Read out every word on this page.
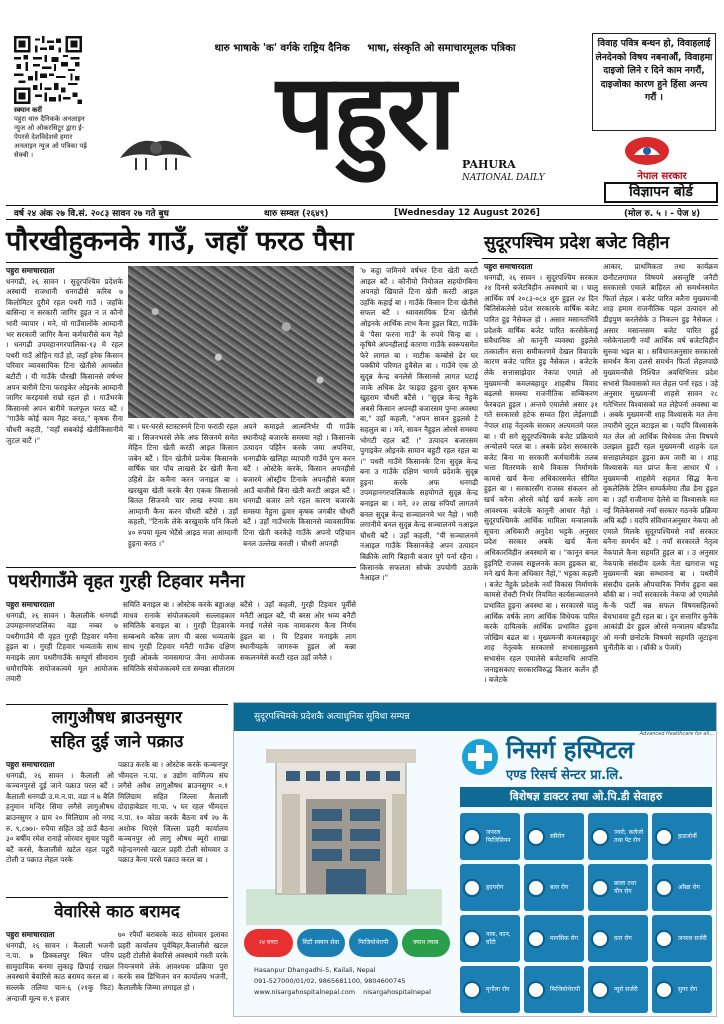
स्क्यान करीं
पहुरा थारु दैनिकके अनलाइन न्युज ओ ओकरसिटुर द्वारा ई-पेपरसे देशविदेशसे हमार अनलाइन न्युज ओ पत्रिका पह्रे सेक्बी ।
थारु भाषाके 'क' वर्गके राष्ट्रिय दैनिक     भाषा, संस्कृति ओ समाचारमूलक पत्रिका
पहुरा PAHURA
NATIONAL DAILY
विवाह पवित्र बन्धन हो, विवाहलाई लेनदेनको विषय नबनाऔं, विवाहमा दाइजो लिने र दिने काम नगरौं, दाइजोका कारण हुने हिंसा अन्त्य गरौं ।
नेपाल सरकार
विज्ञापन बोर्ड
वर्ष २४ अंक २७ वि.सं. २०८३ सावन २७ गते बुध	थारु सम्वत (२६४९)	[Wednesday 12 August 2026]	(मोल रु. ५ । - पेज ४)
पौरखीहुकनके गाउँ, जहाँ फरठ पैसा
पहुरा समाचारदाता
धनगढी, २६ सावन । सुदूरपश्चिम प्रदेशके अस्थायी राजधानी धनगढीसे करिब ७ किलोमिटर दुरीमे रहल पथरी गाउँ । जहाँके बासिन्दा न सरकारी जागिर हुइत न त कौनो भारी व्यापार । मने, यो गाउँवालोंके आम्दानी भर सरकारी जागिर कैना कर्मचारीसे कम नैहो । धनगढी उपमहानगरपालिका-१३ मे रहल पथरी गाउँ ओहिन गाउँ हो, जहाँ हरेक किसान परिवार व्यावसायिक टिना खेतीसे आयस्रोत बटौटी । यी गाउँके पौरखी किसानसे वर्षभर अपन बारीमे टिना फराइकेर ओइनके आम्दानी जागिर करइयासे राम्रो रहल हो । गाउँभरके किसानसे अपन बारीमे फलफूल फरठ बटैं । "गाउँके कोई काम नैहट करठ," कृषक रीना चौधरी कहठी, "यहाँ सबकोई खेतीकिसानीमे जुटल बाटैं ।"
बा । घर-घरसे स्टास्टस्नमे टिना फराठी रहल बा । सिजनभरसे लेके अफ सिजनमे समेत मेहिन टिना खेती करठी आइल किसान जबेन बटैं । दिन खेतीमे प्रत्येक किसानके वार्षिक चार पाँच लाखसे ढेर खेती कैना उहिसे ढेर कमैना करन जनाइल बा । खरखुवा खेती करके बैरा एकक किसानसे बितल सिजनमे चार लाख रुपया सम आम्दानी कैना करन चौधरी बटैंसे । उहाँ कहली, "टिनाके लेके बरखुवाके पनि किलो ४० रुपया मूल्य भेटैंसे आइठ मजा आम्दानी हुइना करठ ।"
अपने कमाइले आत्मनिर्भर यी गाउँके स्थानीयहे बजारके समस्या नहो । किसानके उत्पादन पहिरैन करके जमा अपनिया, धनगढीके खलिहा व्यापारी गाउँमे पुग्न करन बटैं । ओस्टेके करके, किसान अपनहीसे बजारमे ओस्ट्रीय टिनाके अपनहीसे बजार आउँ बाजीसे बिना खेती करटी आइल बटैं । धनगढी बजार लगे रहल कारण बजारके समस्या नैहुना ढुवार कृषक जगबीर चौधरी बटैं । उहाँ गाउँभरके किसानसे व्यावसायिक टिना खेती करकेहे गाउँके अपनो पहिचान बनल उल्लेख करली । चौधरी अपनही
'७ कट्ठा जमिनमे वर्षभर टिना खेती करटी आइल बटैं । कौनीयो नियोजल सहयोगबिना अपनहो खियाले टिना खेती करटी आइल उहाँके कहाई बा । गाउँके किसान टिना खेतीसे सफल बटैं । ध्यावसायिक टिना खेतीसे ओइनके आर्थिक लाभ कैना हुइल बिटा, गाउँके बे 'पैसा फरना गाउँ' के रुपमे चिन्ह बा । कृषिमे अपनहीलाई कारणा गाउँके स्वरूपसमेत फेरे लागल बा । माटीक कम्बोसे ढेर घर पक्कीमे परिणत हुवैसेल बा । गाउँमे एक ठो सुदृन्न केन्द्र बनलेसे किसानसे लागत घटाई जाके अधिक ढेर फाइदा हुइना दुसर कृषक खुहराम चौधरी बटैंसे । "सुदृन्न केन्द्र नैहुके अबसे किसान अपनही बजारसम पुग्ना अवस्था बा," उहाँ कहली, "अपन सावन हुइलसे टे सहलुल बा । मने, सावन नैहुइल ओरसे समस्या भोगटी रहल बटैं ।" उत्पादन बजारसम पुगाइकेर ओइनके सामान बहुटी रहल रहल बा ।" पथरी गाउँमे किसानके टिना सुदृन्न केन्द्र बना उ गाउँके दक्षिण भागमे प्रदेशके सुदृन्न हुइना करके अफ धनगढी उपमहानगरपालिकाके सहयोगले सुदृन्न केन्द्र बनाइल बा । मने, २२ लाख रुपियाँ लागतमे बनल सुदृन्न केन्द्र सञ्चालनमे भर नैहो । भारी लगानीमे बनल सुदृन्न केन्द्र सञ्चालनमे नआइल चौधरी बटैं । उहाँ कहली, "यी सञ्चालनमे नआइल गाउँके किसानकेहे अपन उत्पादन बिक्रीके लागि बिहानी बजार पुगे पर्ना रहैना । किसानके सफलता सोच्के उपयोगी उठाके नैआइल ।"
सुदूरपश्चिम प्रदेश बजेट विहीन
पहुरा समाचारदाता
धनगढी, २६ सावन । सुदूरपश्चिम सरकार २४ दिनसे बजेटविहीन अवस्थामे बा । चालु आर्थिक वर्ष २०८३-०८४ शुरु हुइल २४ दिन बितिसेकलेसे प्रदेश सरकारके वार्षिक बजेट पारित हुइ नैसेकल हो । असार मसानतभित्रै प्रदेशके वार्षिक बजेट पारित करसेकेनाई संवैधानिक ओ कानूनी व्यवस्था हुइलेसे तत्कालीन सत्ता समीकरणमे देखल विवादके कारण बजेट पारित हुइ नैसेकल । बजेटके लेके सत्तासाझेदार नेकपा एमाले ओ मुख्यमन्त्री कमलबहादुर शाहबीच विवाद बढ़लसे समस्या राजनीतिक सम्बिकरण फेरबदल हुइल । अन्तमे एमालेसे असार ३१ गते सरकारसे हटेक सम्वत हिरा लेईलगाडी नेपाल शाह नेतृत्वके सरकार अल्पमतमे परल बा । यी सगे सुदूरपश्चिमके बजेट प्रक्रियामे अन्योलमे परल बा । अबके प्रदेश सरकारके बजेट बिना मा सरकारी कर्मचारीके तलब भत्ता वितरणके साथै विकास निर्माणके कामसे खर्च कैना अधिकारसमेत सीमित हुइल बा । सरकारसँग राजस्व संकलन ओ खर्च करैना ओरसे कोई खर्च करके लाग आवश्यक बजेटके कानूनी आधार नैहो । सुदूरपश्चिमके आर्थिक मामिला मन्त्रालयके सूचना अधिकारी अनुदेश भट्टके अनुसार प्रदेश सरकार अबके खर्च कैना अधिकारविहीन अवस्थामे बा । "कानून बनल हुइनिटि राजस्व सङ्कलनके काम हुइकल बा, मने खर्च कैना अधिकार नैहो," भट्टका कहली । बजेट नैहुके प्रदेशके नयाँ विकास निर्माणके कामसे रोक्टी निर्भर नियमित कार्यसञ्चालनमे प्रभावित हुइना अवस्था बा । सरकारसे चालु आर्थिक वर्षके लाग आर्थिक विधेयक पारित करके दायित्वके आर्थिक प्रभावित हुइना जोखिम बढल बा । मुख्यमन्त्री कमलबहादुर शाह नेतृत्वके सरकारसे सभासामूहसमे सभासेम रहल एमालेसे बजेटमाथि आपत्ति जनाइसकाए सरकारविरुद्ध कितार कर्लेन हौं । बजेटके
आकार, प्राथमिकता तथा कार्यक्रम छनौटलगायत विषयमे असन्तुष्टि जनैटी सरकारसे एमाले बाहिरल ओ समर्थनसमेत फिर्ता लेहल । बजेट पारित करैना मुख्यमन्त्री शाह हमाम राजनीतिक पहल उत्पादन ओ डीइपुण करलेसेके उ निकल्न हुइ नैसेकल । असार मसान्तसम बजेट पारित हुई नसेकेनालागी नयाँ आर्थिक वर्ष बजेटविहीन सुरुवा भइल बा । सविधानअनुसार सरकारसे समर्थन कैना दलसे समर्थन फिर्ता लेहलपाछे मुख्यमन्त्रीसे निश्चित अवधिभित्तर प्रदेश सभासे विश्वासको मत लेहल पर्ना रहठ । उहे अनुसार मुख्यमन्त्री शाहसे सावन २८ गतेभित्तर विश्वासको मत लेहेपर्ना अवस्था बा । अबके मुख्यमन्त्री शाह विश्वासके मत लेना तयारीमे लुट्ल बटाइल बा । यदपि विश्वासके मत लेल ओ आर्थिक विधेयक जेना विषयमे उलझल हुइटी रहल मुख्यमन्त्री शाहके दल सत्ताहालेवहार हुइना क्रम जारी बा । शाह विश्वासके मत प्राप्त कैना आधार भैं । मुख्यमन्त्री शाहसेमे सहमत सिद्ध कैना वुकलेलिके टेलिन सम्पर्कमेया तीव्र डेना हुइल बा । उहाँ राजीनामा देलेसे वा विश्वासके मत नई मिलेकेसमसे नयाँ सरकार गठनके प्रक्रिया अघि बढ़ी । यदपि संविधानअनुसार नेकपा ओ एमाले मिलके सुदूरपश्चिमसे नयाँ सरकार बनैना समर्थन बटैं । नयाँ सरकारले नेतृत्व नेकपाले कैना सहमति हुइल बा । उ अनुसार नेकपाके संसदीय दलके नेता खगराज भट्ट मुख्यमन्त्री बन्ना सम्भावना बा । पथरीमें संसदीय दलके औपचारिक निर्णय हुइना बस बाँकी बा । नयाँ सरकारके नेकपा ओ एमालेसे के-के पार्टी बन्न सफल विषयसहितको बेचभावमा हुटी रहल बा । दुन सत्तागिर कुनैके आकांडी ढेर हुइल ओरसे मन्त्रालय बाँडफाँड ओ मन्त्री छनोटके विषयमे सहमति जुटाइना चुनौतीके बा । (बाँकी ४ पेजमे)
पथरीगाउँमे वृहत गुरही टिहवार मनैना
पहुरा समाचारदाता
धनगढी, २६ सावन । कैलालीके धनगढी उपमहानगरपालिका वडा नम्बर ७ पथरीगाउँमे यी वृहत गुरही टिहवार मनैना हुइल बा । गुरही टिहवार भव्यताके साथ मनाइके लाग पथरीगाउँके सम्पूर्ण सीमाराम धमौरापिके सयोजकत्वमे मूल आयोजक तयारी
समिति बनाइल बा । ओस्टेक करके बड्डाअक्ष माधव रानाके संयोजकत्वमे सल्लाहकार समितिके बनाइल बा । गुरही टिहवारके सम्बन्धमे करैक लाग यी बरस भव्यताके साथ गुरही टिहवार मनैटी गाउँक दक्षिण गुरही ओकके नामसमाप्त जैना आयोजक समितिके संयोजकत्वमे रता सम्पन्ना सीताराम
बटैंसे । उहाँ कहली, गुरही टिहवार पूर्वीसे मनैटी आइल बटैं, यी बरस ओर भव्य बनैटी मनाई गलेसे नाक नामाकरण कैना निर्णय हुइल बा । यि टिहवार मनाइके लाग स्थानीयहके जागरुक हुइल ओ कन्ना सकलनमेसे करटी रहल उहाँ जनैलै ।
लागुऔषध ब्राउनसुगर
सहित दुई जाने पक्राउ
पहुरा समाचारदाता
धनगढी, २६ सावन । कैलाली ओ कञ्चनपुरसे दुई जाने पक्राउ परल बटैं । कैलाली धनगढी उ.म.न.पा. वडा नं ७ बैलि हनुमान मन्दिर सिमा लगैसे लागुऔषध ब्राउनसुगर २ ग्राम २० मिलिग्राम ओ नगद रु. ९,८७७।- रुपैया सहित उहे ठाउँ बैठना ३० बर्षीय रमेश रानाहे जोरवार सुवार पहुरी बटैं करसे, कैलालीसे खटेल रहल पहुरी टोली उ पक्राउ लेहल परके
पक्राउ करके बा । ओस्टेक करके कञ्चनपुर भीमदत्त न.पा. ४ उद्योग वाणिज्य संघ लगैसे अवैध लागुऔषध ब्राउनसुगर ०.१ मिलिग्राम सहित जिल्ला कैलाली दोदाहाबेडार गा.पा. ५ घर रहल भीमदत्त न.पा. १० कोठा करके बैठना वर्ष २७ के अशोक थिएंसे जिल्ला प्रहरी कार्यालय कञ्चनपुर ओ लागु औषध ब्यूरो शाखा महेन्द्रनगरसे खटल प्रहरी टोली सोमवार उ पक्राउ कैना परसे पक्राउ करल बा ।
वेवारिसे काठ बरामद
पहुरा समाचारदाता
धनगढी, २६ सावन । कैलाली भजनी न.पा. ७ डिक्कलपुर स्थित परिय सामुदायिक बनमा लुकाइ छिपाई राखल अवस्थामे बेवारिसे काठ बरामद करल बा । सल्लके तलिया चान-६ (२१कु फिट) अन्दाजी मूल्य रु.९ हजार
७० रपैयाँ बराबरके काठ सोमवार इलाका प्रहरी कार्यालय पूर्वबिहर,कैलालीसे खटल प्रहरी टोलीसे बेवारिसे अवस्थामे गस्ती परके नियन्त्रणमे लेके आवश्यक प्रक्रिया पुरा करके सब डिभिजन वन कार्यालय भजनी, कैलालीके जिम्मा लगाइल हो ।
सुदूरपश्चिमके प्रदेशकै अत्याधुनिक सुविधा सम्पन्न
२४ घण्टा	सिटी स्क्यान सेवा	फिजियोथेरापी	क्याथ ल्याब
Hasanpur Dhangadhi-5, Kailali, Nepal
091-527000/01/02, 9865681100, 9804600745
www.nisargahospitalnepal.com nisargahospitalnepal
निसर्ग हस्पिटल
Advanced Healthcare for all...
एण्ड रिसर्च सेन्टर प्रा.लि.
विशेषज्ञ डाक्टर तथा ओ.पि.डी सेवाहरु
जनरल फिजिसियन
स्त्रीरोग
ज्वरो, कलेजो तथा पेट रोग
हाडजोर्नी
हृदयरोग	बाल रोग
छाला तथा यौन रोग
आँखा रोग
नाक, कान, घाँटी
मानसिक रोग	दन्त रोग	जनरल सर्जरी
मृगौला रोग	फिजियोथेरापी	न्यूरो सर्जरी	सुगर रोग
